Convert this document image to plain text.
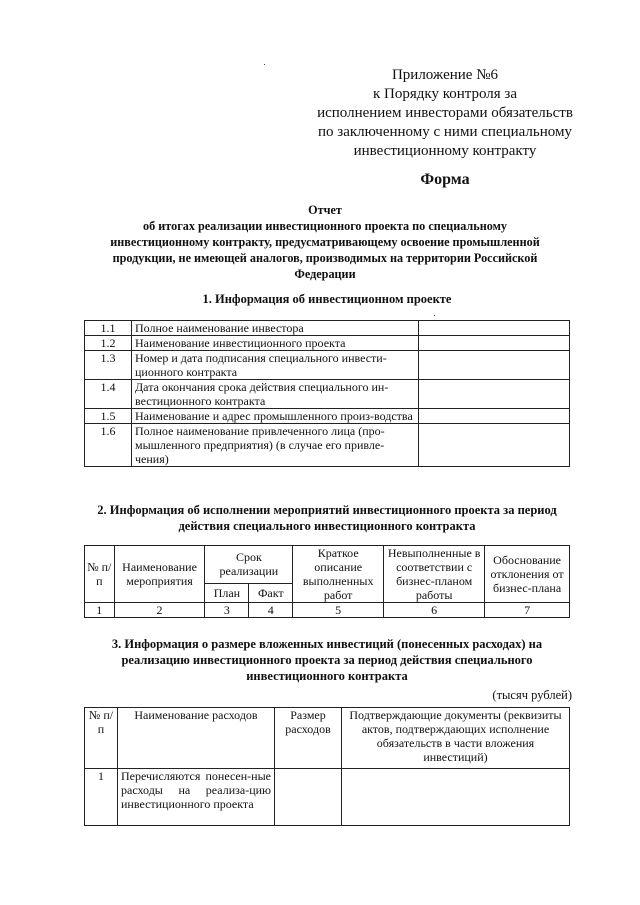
Приложение №6
к Порядку контроля за
исполнением инвесторами обязательств
по заключенному с ними специальному
инвестиционному контракту
Форма
Отчет
об итогах реализации инвестиционного проекта по специальному
инвестиционному контракту, предусматривающему освоение промышленной
продукции, не имеющей аналогов, производимых на территории Российской
Федерации
1. Информация об инвестиционном проекте
1.1	Полное наименование инвестора	
1.2	Наименование инвестиционного проекта	
1.3	Номер и дата подписания специального инвести-ционного контракта	
1.4	Дата окончания срока действия специального ин-вестиционного контракта	
1.5	Наименование и адрес промышленного произ-водства	
1.6	Полное наименование привлеченного лица (про-мышленного предприятия) (в случае его привле-чения)	
2. Информация об исполнении мероприятий инвестиционного проекта за период
действия специального инвестиционного контракта
№ п/п	Наименование мероприятия	Срок реализации		Краткое описание выполненных работ	Невыполненные в соответствии с бизнес-планом работы	Обоснование отклонения от бизнес-плана
		План	Факт			
1	2	3	4	5	6	7
3. Информация о размере вложенных инвестиций (понесенных расходах) на
реализацию инвестиционного проекта за период действия специального
инвестиционного контракта
(тысяч рублей)
№ п/п	Наименование расходов	Размер расходов	Подтверждающие документы (реквизиты актов, подтверждающих исполнение обязательств в части вложения инвестиций)
1	Перечисляются понесен-ные расходы на реализа-цию инвестиционного проекта		
